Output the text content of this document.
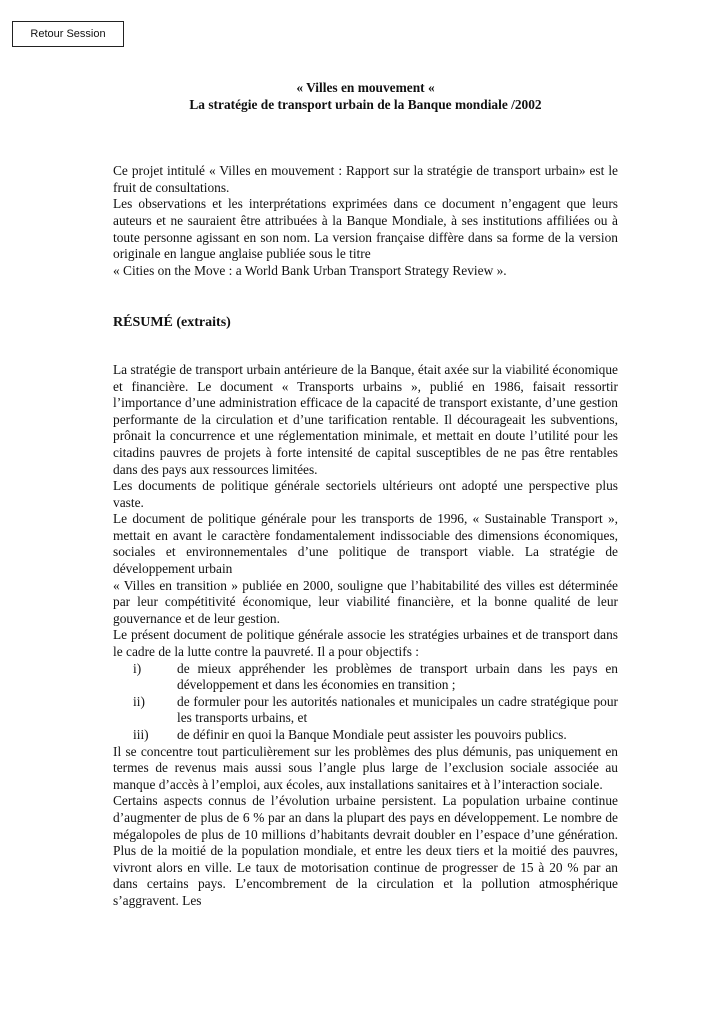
Retour Session

« Villes en mouvement «

La stratégie de transport urbain de la Banque mondiale /2002

Ce projet intitulé « Villes en mouvement : Rapport sur la stratégie de transport urbain» est le fruit de consultations.

Les observations et les interprétations exprimées dans ce document n’engagent que leurs auteurs et ne sauraient être attribuées à la Banque Mondiale, à ses institutions affiliées ou à toute personne agissant en son nom. La version française diffère dans sa forme de la version originale en langue anglaise publiée sous le titre

« Cities on the Move : a World Bank Urban Transport Strategy Review ».

RÉSUMÉ (extraits)

La stratégie de transport urbain antérieure de la Banque, était axée sur la viabilité économique et financière. Le document « Transports urbains », publié en 1986, faisait ressortir l’importance d’une administration efficace de la capacité de transport existante, d’une gestion performante de la circulation et d’une tarification rentable. Il décourageait les subventions, prônait la concurrence et une réglementation minimale, et mettait en doute l’utilité pour les citadins pauvres de projets à forte intensité de capital susceptibles de ne pas être rentables dans des pays aux ressources limitées.

Les documents de politique générale sectoriels ultérieurs ont adopté une perspective plus vaste.

Le document de politique générale pour les transports de 1996, « Sustainable Transport », mettait en avant le caractère fondamentalement indissociable des dimensions économiques, sociales et environnementales d’une politique de transport viable. La stratégie de développement urbain

« Villes en transition » publiée en 2000, souligne que l’habitabilité des villes est déterminée par leur compétitivité économique, leur viabilité financière, et la bonne qualité de leur gouvernance et de leur gestion.

Le présent document de politique générale associe les stratégies urbaines et de transport dans le cadre de la lutte contre la pauvreté. Il a pour objectifs :

i)	de mieux appréhender les problèmes de transport urbain dans les pays en développement et dans les économies en transition ;
ii)	de formuler pour les autorités nationales et municipales un cadre stratégique pour les transports urbains, et
iii)	de définir en quoi la Banque Mondiale peut assister les pouvoirs publics.

Il se concentre tout particulièrement sur les problèmes des plus démunis, pas uniquement en termes de revenus mais aussi sous l’angle plus large de l’exclusion sociale associée au manque d’accès à l’emploi, aux écoles, aux installations sanitaires et à l’interaction sociale.

Certains aspects connus de l’évolution urbaine persistent. La population urbaine continue d’augmenter de plus de 6 % par an dans la plupart des pays en développement. Le nombre de mégalopoles de plus de 10 millions d’habitants devrait doubler en l’espace d’une génération. Plus de la moitié de la population mondiale, et entre les deux tiers et la moitié des pauvres, vivront alors en ville. Le taux de motorisation continue de progresser de 15 à 20 % par an dans certains pays. L’encombrement de la circulation et la pollution atmosphérique s’aggravent. Les
